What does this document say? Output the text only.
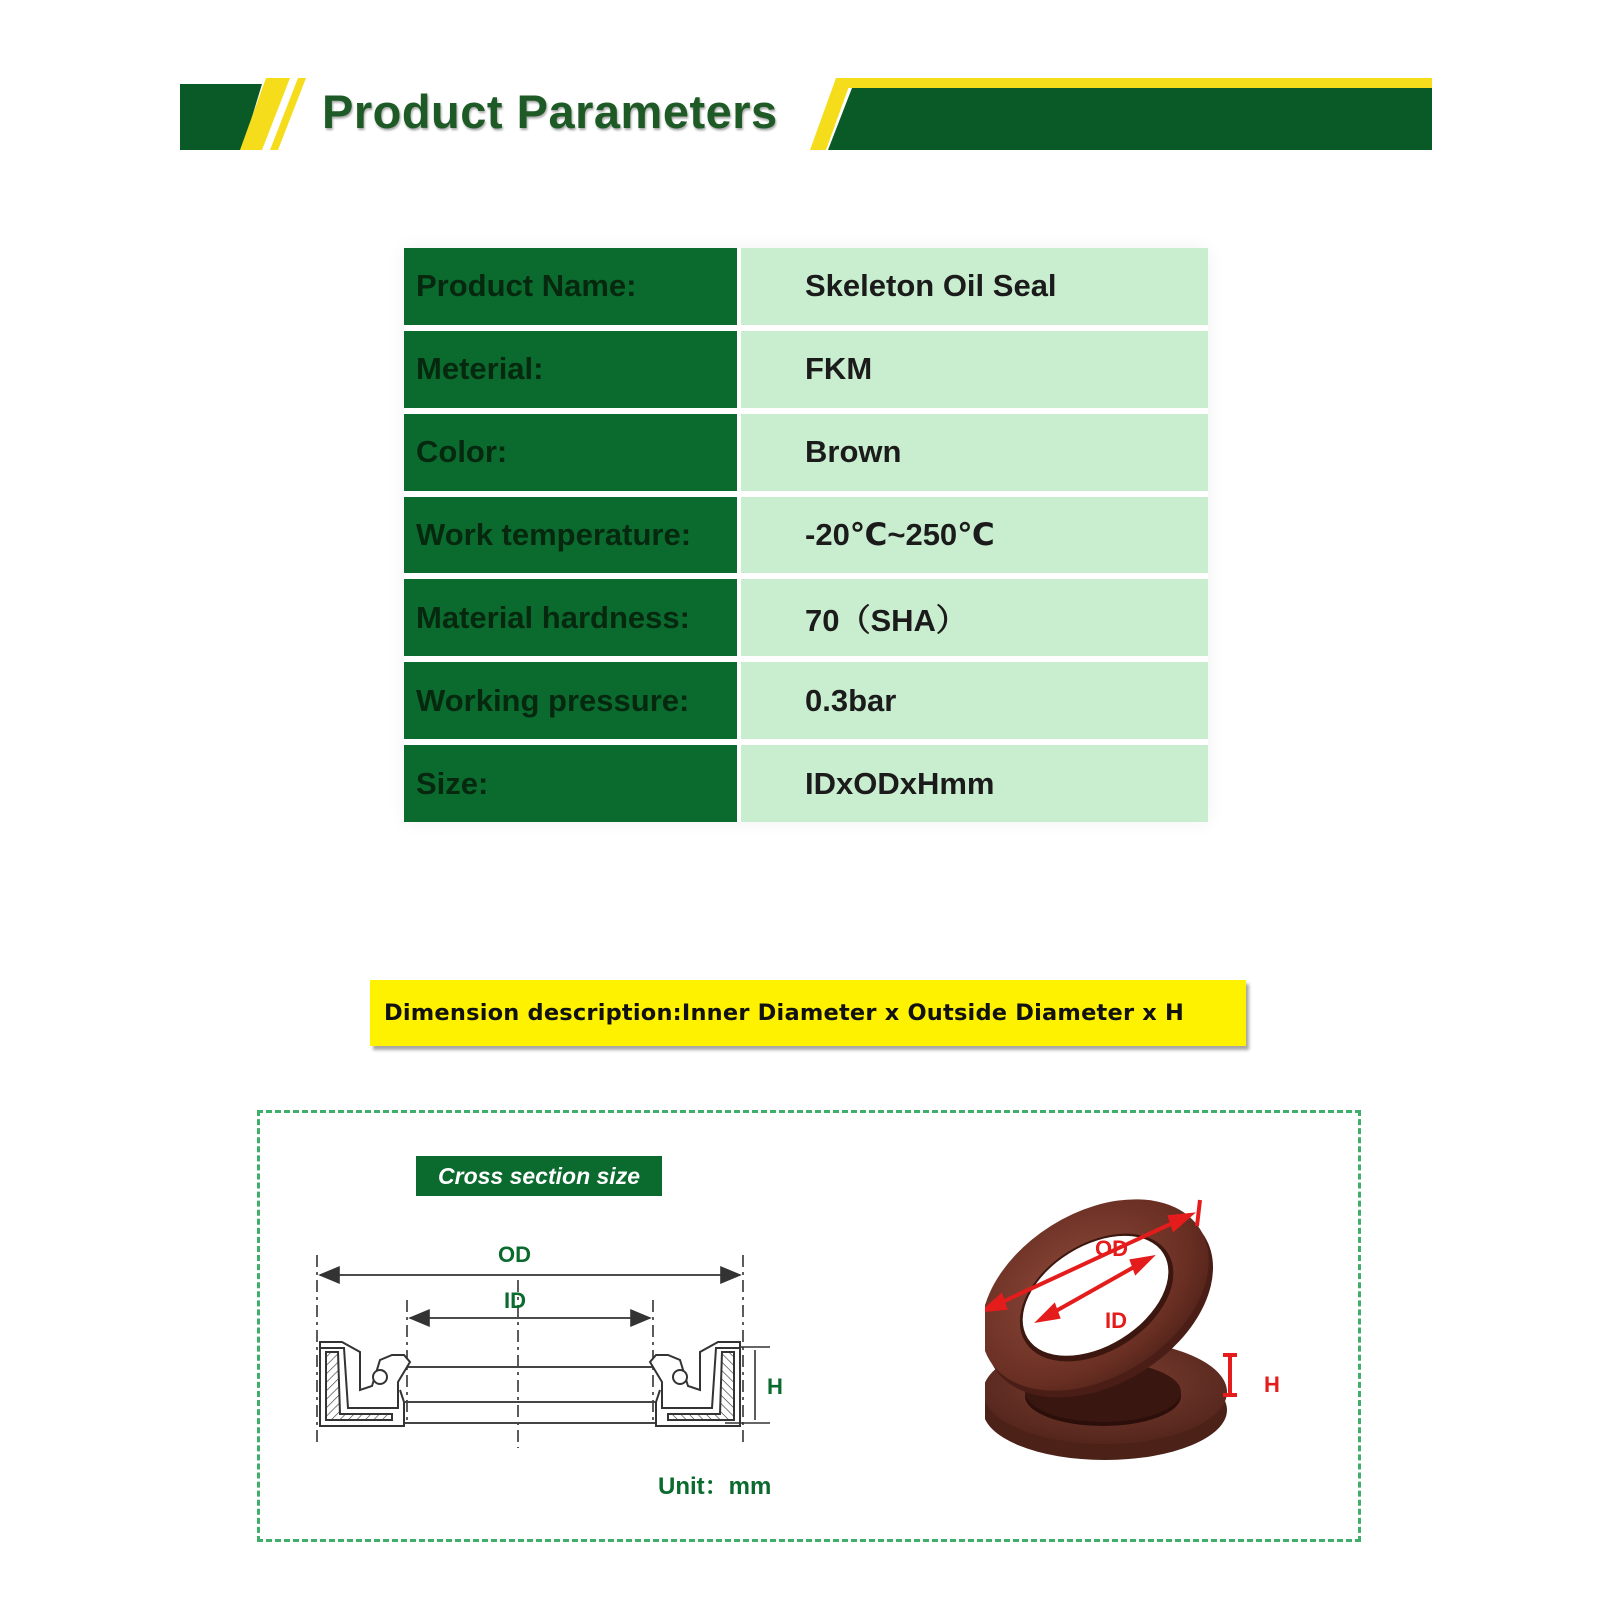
Product Parameters
Product Name:	Skeleton Oil Seal
Meterial:	FKM
Color:	Brown
Work temperature:	-20℃~250℃
Material hardness:	70（SHA）
Working pressure:	0.3bar
Size:	IDxODxHmm
Dimension description:Inner Diameter x Outside Diameter x H
Cross section size
OD
ID
H
Unit：mm
OD
ID
H
